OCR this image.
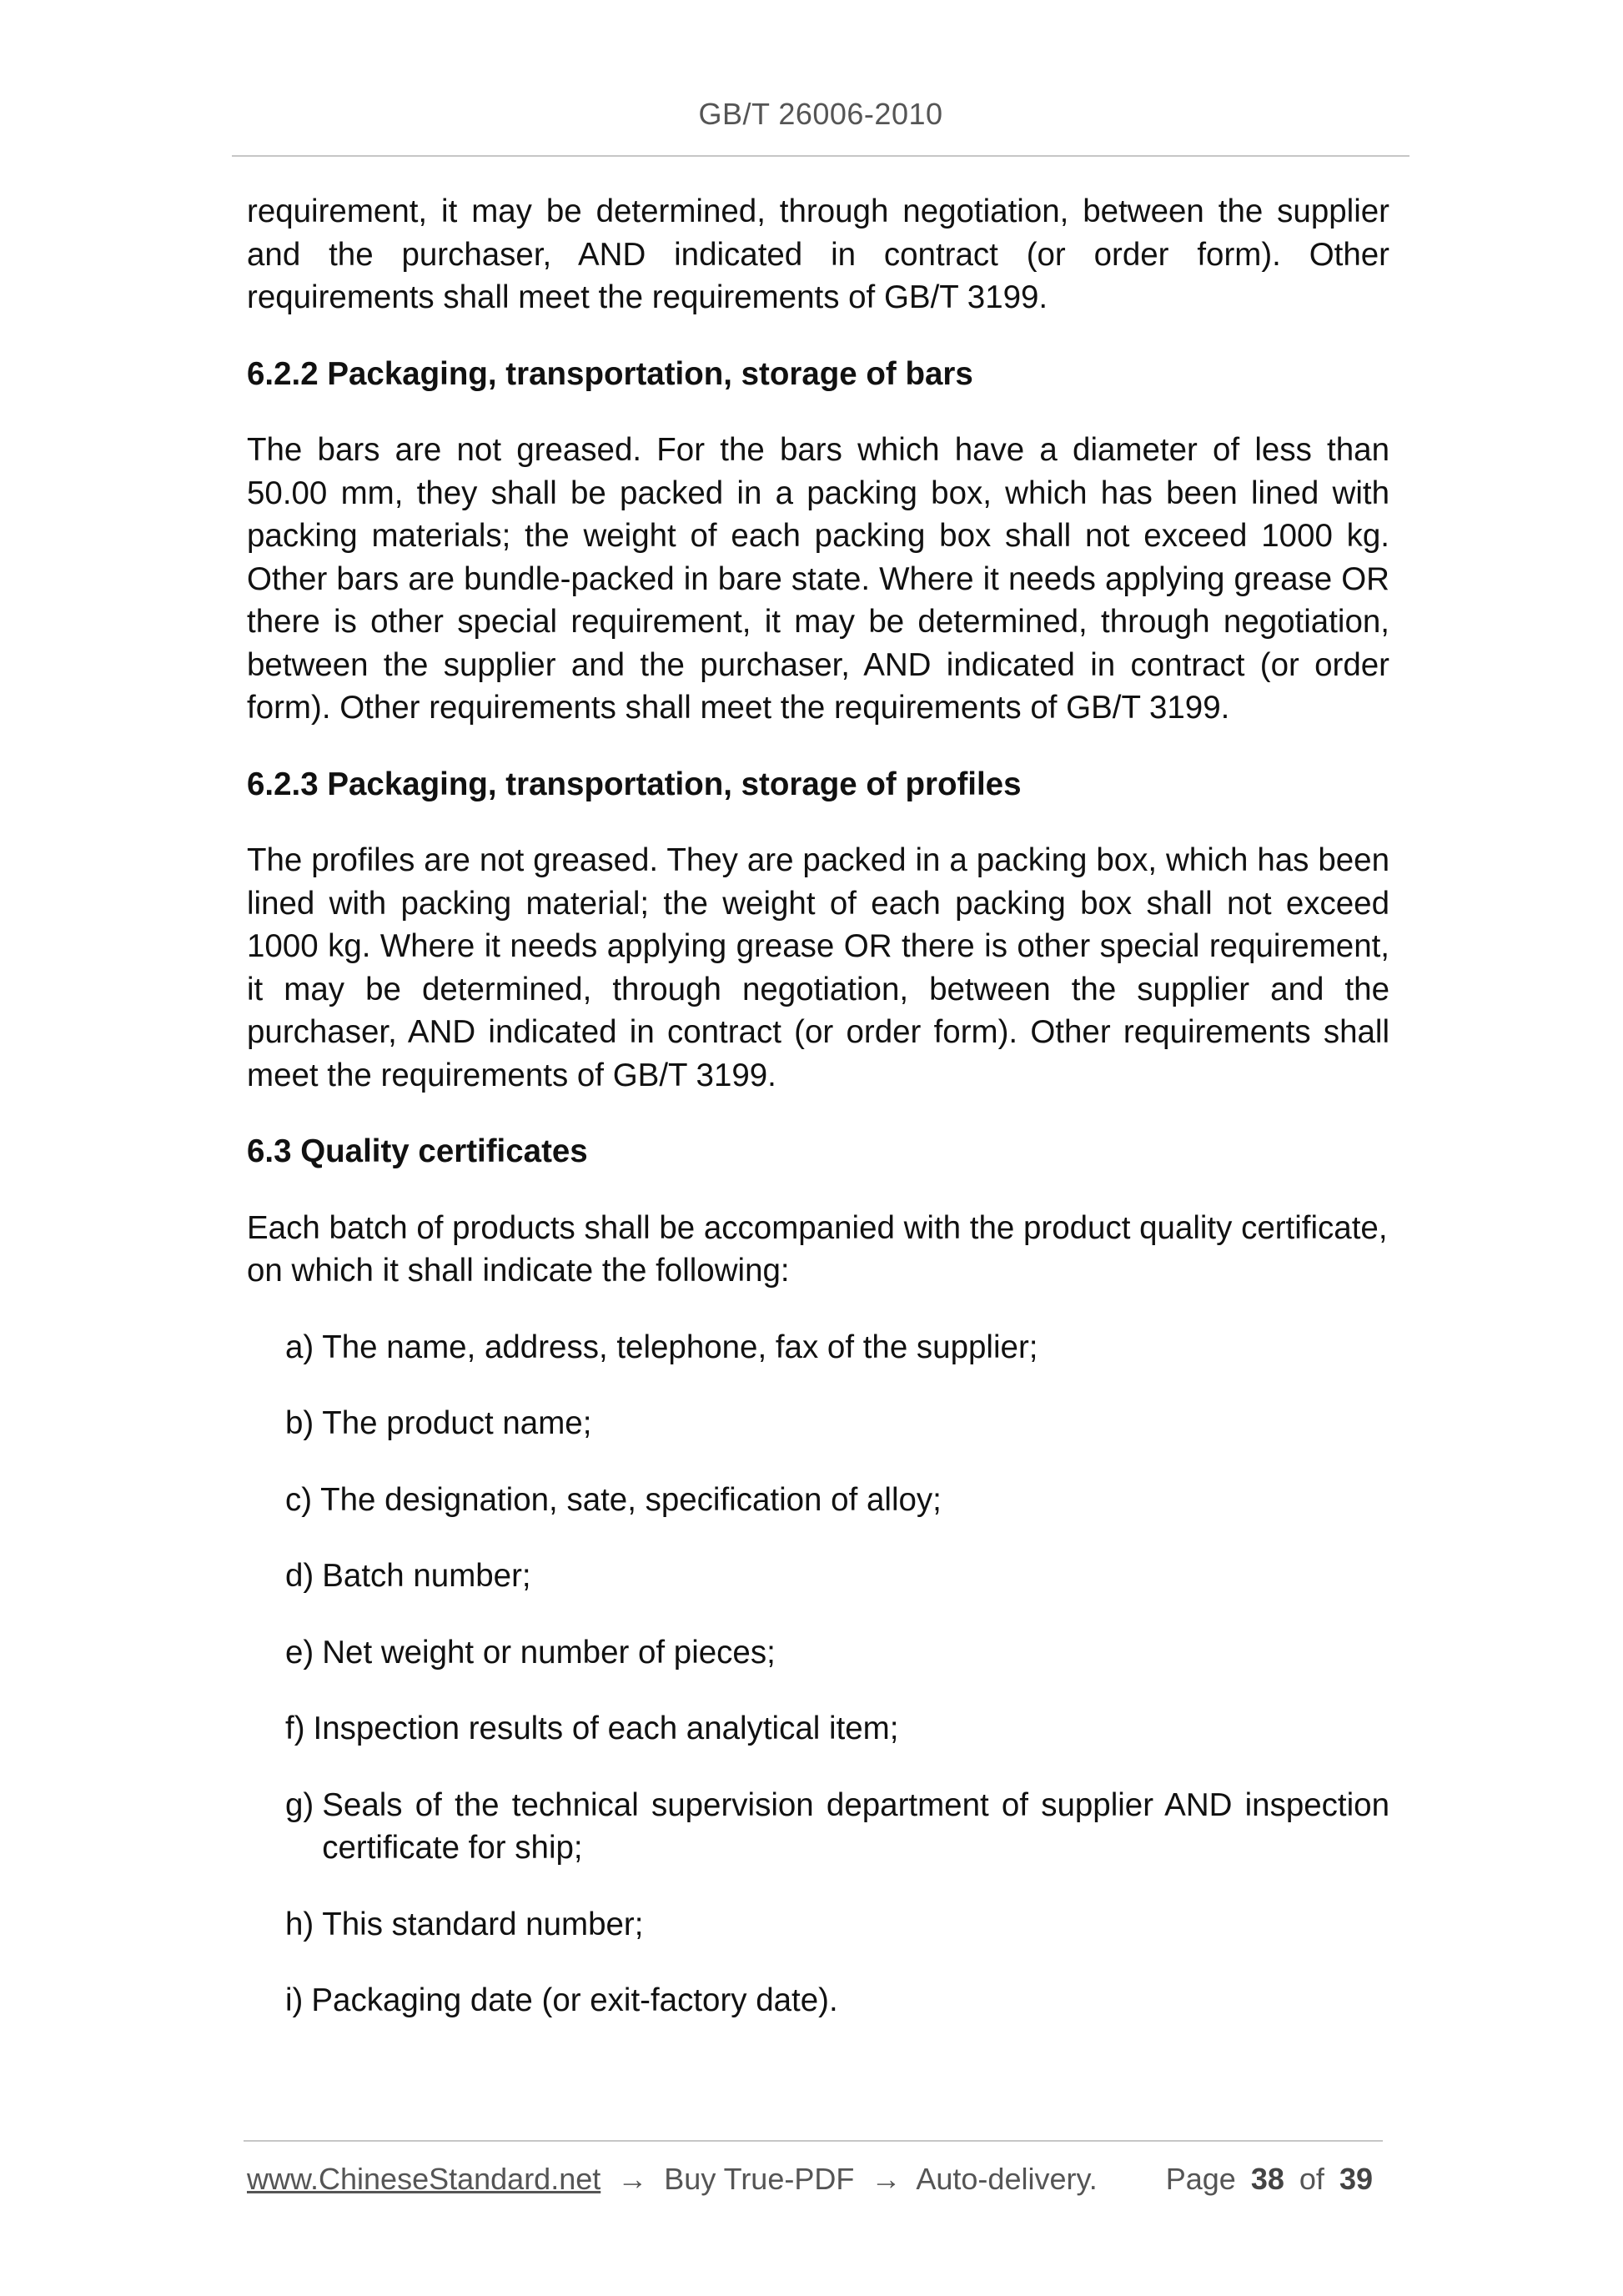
GB/T 26006-2010

requirement, it may be determined, through negotiation, between the supplier and the purchaser, AND indicated in contract (or order form). Other requirements shall meet the requirements of GB/T 3199.

6.2.2 Packaging, transportation, storage of bars

The bars are not greased. For the bars which have a diameter of less than 50.00 mm, they shall be packed in a packing box, which has been lined with packing materials; the weight of each packing box shall not exceed 1000 kg. Other bars are bundle-packed in bare state. Where it needs applying grease OR there is other special requirement, it may be determined, through negotiation, between the supplier and the purchaser, AND indicated in contract (or order form). Other requirements shall meet the requirements of GB/T 3199.

6.2.3 Packaging, transportation, storage of profiles

The profiles are not greased. They are packed in a packing box, which has been lined with packing material; the weight of each packing box shall not exceed 1000 kg. Where it needs applying grease OR there is other special requirement, it may be determined, through negotiation, between the supplier and the purchaser, AND indicated in contract (or order form). Other requirements shall meet the requirements of GB/T 3199.

6.3 Quality certificates

Each batch of products shall be accompanied with the product quality certificate, on which it shall indicate the following:

a) The name, address, telephone, fax of the supplier;
b) The product name;
c) The designation, sate, specification of alloy;
d) Batch number;
e) Net weight or number of pieces;
f) Inspection results of each analytical item;
g) Seals of the technical supervision department of supplier AND inspection certificate for ship;
h) This standard number;
i) Packaging date (or exit-factory date).
www.ChineseStandard.net → Buy True-PDF → Auto-delivery. Page 38 of 39
